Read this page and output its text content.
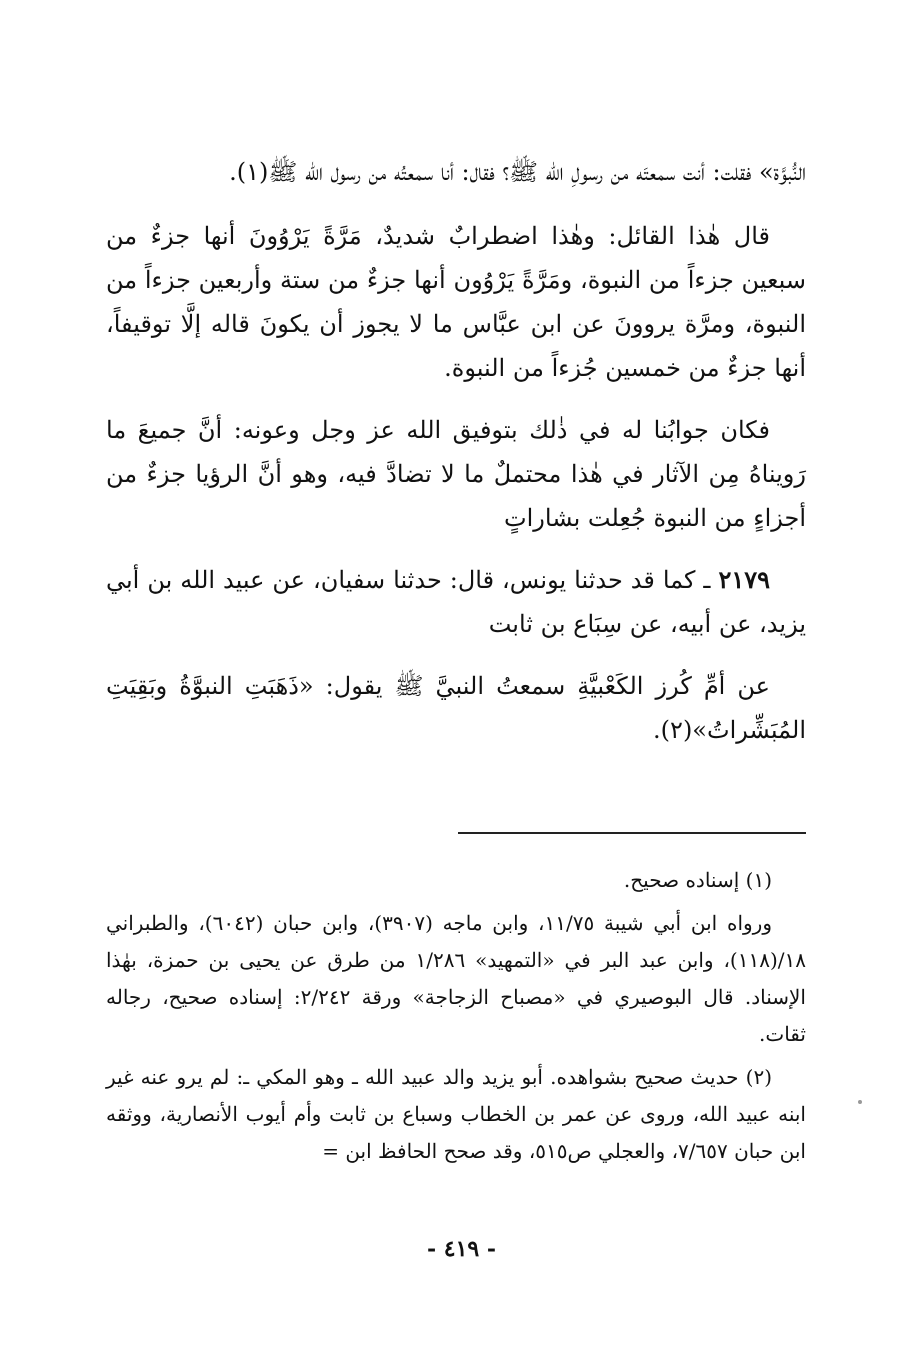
النُّبوَّة» فقلت: أنت سمعتَه من رسولِ الله ﷺ؟ فقال: أنا سمعتُه من رسول الله ﷺ(١).

قال هٰذا القائل: وهٰذا اضطرابٌ شديدٌ، مَرَّةً يَرْوُونَ أنها جزءٌ من سبعين جزءاً من النبوة، ومَرَّةً يَرْوُون أنها جزءٌ من ستة وأربعين جزءاً من النبوة، ومرَّة يروونَ عن ابن عبَّاس ما لا يجوز أن يكونَ قاله إلَّا توقيفاً، أنها جزءٌ من خمسين جُزءاً من النبوة.

فكان جوابُنا له في ذٰلك بتوفيق الله عز وجل وعونه: أنَّ جميعَ ما رَويناهُ مِن الآثار في هٰذا محتملٌ ما لا تضادَّ فيه، وهو أنَّ الرؤيا جزءٌ من أجزاءٍ من النبوة جُعِلت بشاراتٍ

٢١٧٩ ـ كما قد حدثنا يونس، قال: حدثنا سفيان، عن عبيد الله بن أبي يزيد، عن أبيه، عن سِبَاع بن ثابت

عن أمِّ كُرز الكَعْبيَّةِ سمعتُ النبيَّ ﷺ يقول: «ذَهَبَتِ النبوَّةُ وبَقِيَتِ المُبَشِّراتُ»(٢).

(١) إسناده صحيح.

ورواه ابن أبي شيبة ١١/٧٥، وابن ماجه (٣٩٠٧)، وابن حبان (٦٠٤٢)، والطبراني ١٨/(١١٨)، وابن عبد البر في «التمهيد» ١/٢٨٦ من طرق عن يحيى بن حمزة، بهٰذا الإسناد. قال البوصيري في «مصباح الزجاجة» ورقة ٢/٢٤٢: إسناده صحيح، رجاله ثقات.

(٢) حديث صحيح بشواهده. أبو يزيد والد عبيد الله ـ وهو المكي ـ: لم يرو عنه غير ابنه عبيد الله، وروى عن عمر بن الخطاب وسباع بن ثابت وأم أيوب الأنصارية، ووثقه ابن حبان ٧/٦٥٧، والعجلي ص٥١٥، وقد صحح الحافظ ابن =

- ٤١٩ -
